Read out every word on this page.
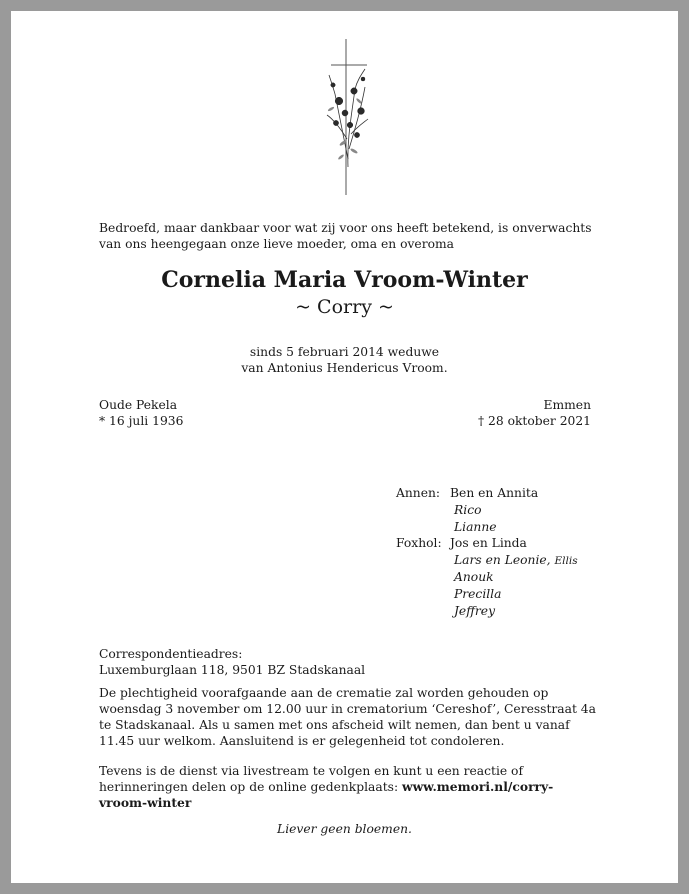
Bedroefd, maar dankbaar voor wat zij voor ons heeft betekend, is onverwachts van ons heengegaan onze lieve moeder, oma en overoma

Cornelia Maria Vroom-Winter
~ Corry ~
sinds 5 februari 2014 weduwe
van Antonius Hendericus Vroom.
Oude Pekela
* 16 juli 1936
Emmen
† 28 oktober 2021
Annen: Ben en Annita
Rico
Lianne
Foxhol: Jos en Linda
Lars en Leonie, Ellis
Anouk
Precilla
Jeffrey
Correspondentieadres:
Luxemburglaan 118, 9501 BZ Stadskanaal

De plechtigheid voorafgaande aan de crematie zal worden gehouden op woensdag 3 november om 12.00 uur in crematorium ‘Cereshof’, Ceresstraat 4a te Stadskanaal. Als u samen met ons afscheid wilt nemen, dan bent u vanaf 11.45 uur welkom. Aansluitend is er gelegenheid tot condoleren.

Tevens is de dienst via livestream te volgen en kunt u een reactie of herinneringen delen op de online gedenkplaats: www.memori.nl/corry-vroom-winter

Liever geen bloemen.
